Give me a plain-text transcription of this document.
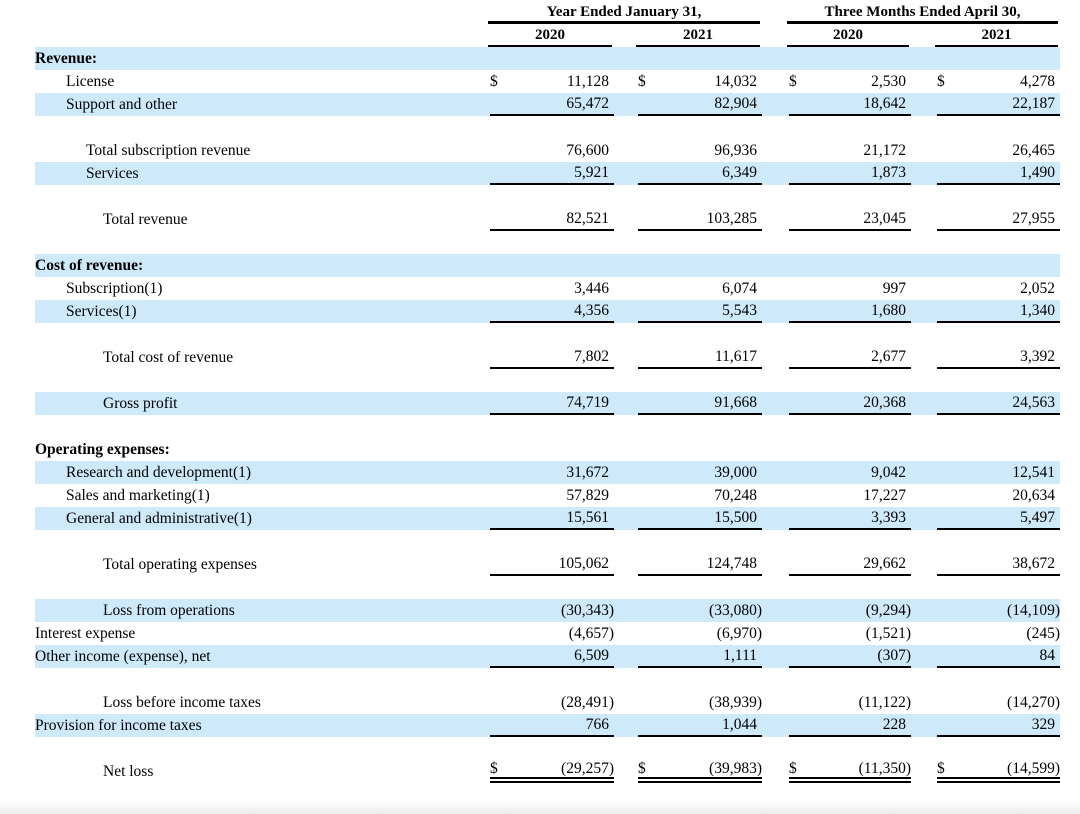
Year Ended January 31,	Three Months Ended April 30,
2020	2021	2020	2021
Revenue:
License	$	11,128	$	14,032	$	2,530	$	4,278
Support and other	65,472	82,904	18,642	22,187
Total subscription revenue	76,600	96,936	21,172	26,465
Services	5,921	6,349	1,873	1,490
Total revenue	82,521	103,285	23,045	27,955
Cost of revenue:
Subscription(1)	3,446	6,074	997	2,052
Services(1)	4,356	5,543	1,680	1,340
Total cost of revenue	7,802	11,617	2,677	3,392
Gross profit	74,719	91,668	20,368	24,563
Operating expenses:
Research and development(1)	31,672	39,000	9,042	12,541
Sales and marketing(1)	57,829	70,248	17,227	20,634
General and administrative(1)	15,561	15,500	3,393	5,497
Total operating expenses	105,062	124,748	29,662	38,672
Loss from operations	(30,343)	(33,080)	(9,294)	(14,109)
Interest expense	(4,657)	(6,970)	(1,521)	(245)
Other income (expense), net	6,509	1,111	(307)	84
Loss before income taxes	(28,491)	(38,939)	(11,122)	(14,270)
Provision for income taxes	766	1,044	228	329
Net loss	$	(29,257) $	(39,983) $	(11,350) $	(14,599)
